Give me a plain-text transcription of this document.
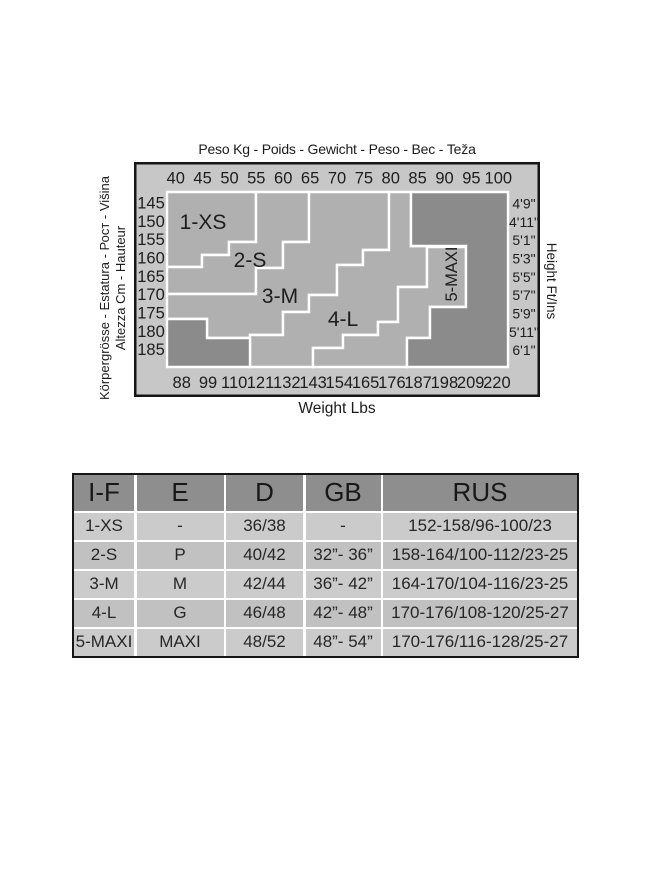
Peso Kg - Poids - Gewicht - Peso - Вес - Teža
Körpergrösse - Estatura - Рост - Višina Altezza Cm - Hauteur
40 45 50 55 60 65 70 75 80 85 90 95 100
145
150
155
160
165
170
175
180
185
4'9"
4'11"
5'1"
5'3"
5'5"
5'7"
5'9"
5'11"
6'1"
88 99 110 121
132
143
154
165
176
187
198
209
220
1-XS
2-S
3-M
4-L
5-MAXI	Height Ft/Ins
Weight Lbs
I-F	E	D	GB	RUS
1-XS	-	36/38	-	152-158/96-100/23
2-S	P	40/42	32”- 36”	158-164/100-112/23-25
3-M	M	42/44	36”- 42”	164-170/104-116/23-25
4-L	G	46/48	42”- 48”	170-176/108-120/25-27
5-MAXI	MAXI	48/52	48”- 54”	170-176/116-128/25-27
